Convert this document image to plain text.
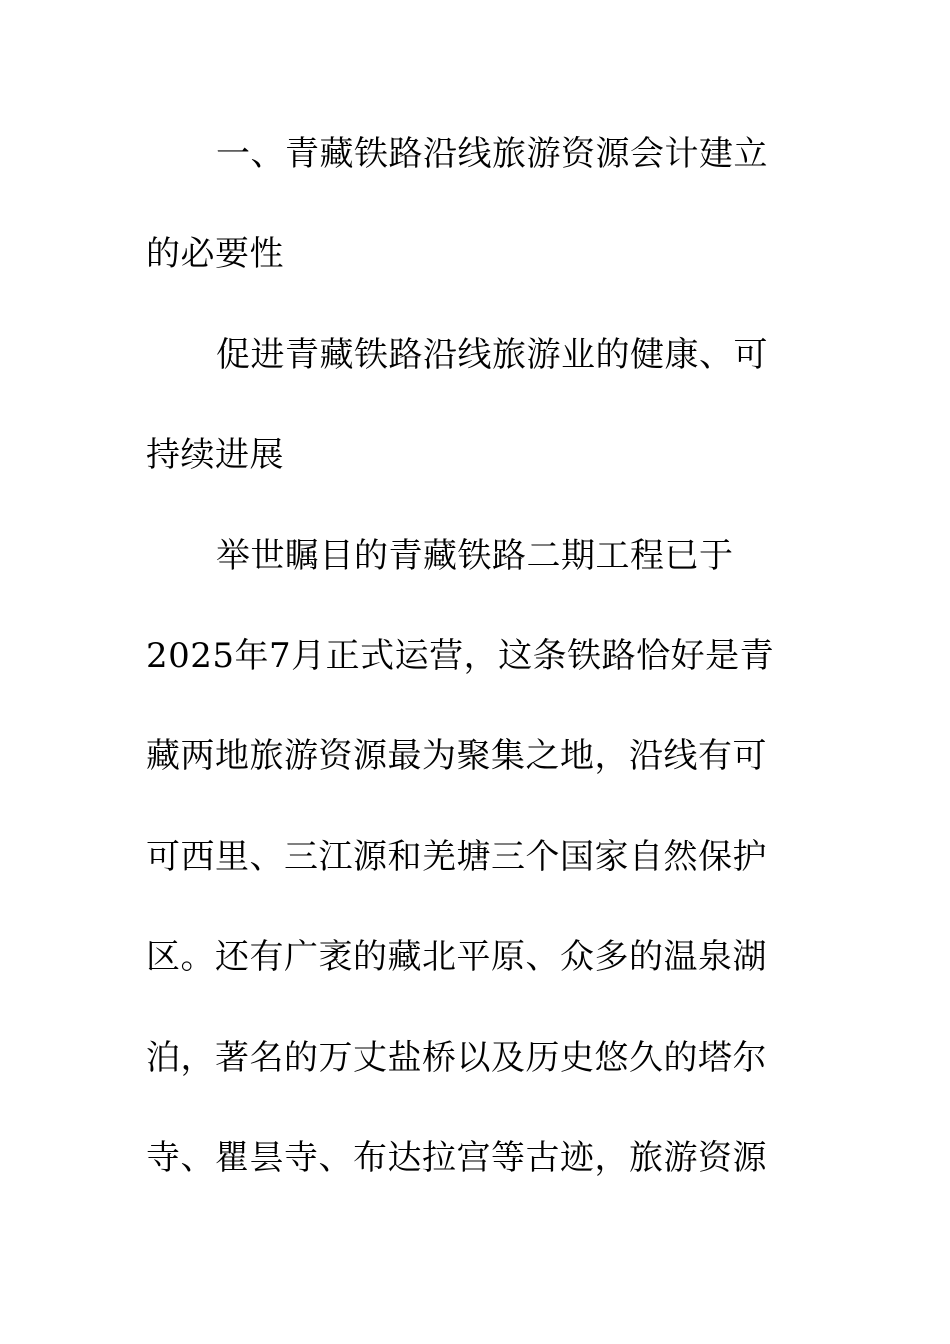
一、青藏铁路沿线旅游资源会计建立
的必要性
促进青藏铁路沿线旅游业的健康、可
持续进展
举世瞩目的青藏铁路二期工程已于
2025年7月正式运营，这条铁路恰好是青
藏两地旅游资源最为聚集之地，沿线有可
可西里、三江源和羌塘三个国家自然保护
区。还有广袤的藏北平原、众多的温泉湖
泊，著名的万丈盐桥以及历史悠久的塔尔
寺、瞿昙寺、布达拉宫等古迹，旅游资源
